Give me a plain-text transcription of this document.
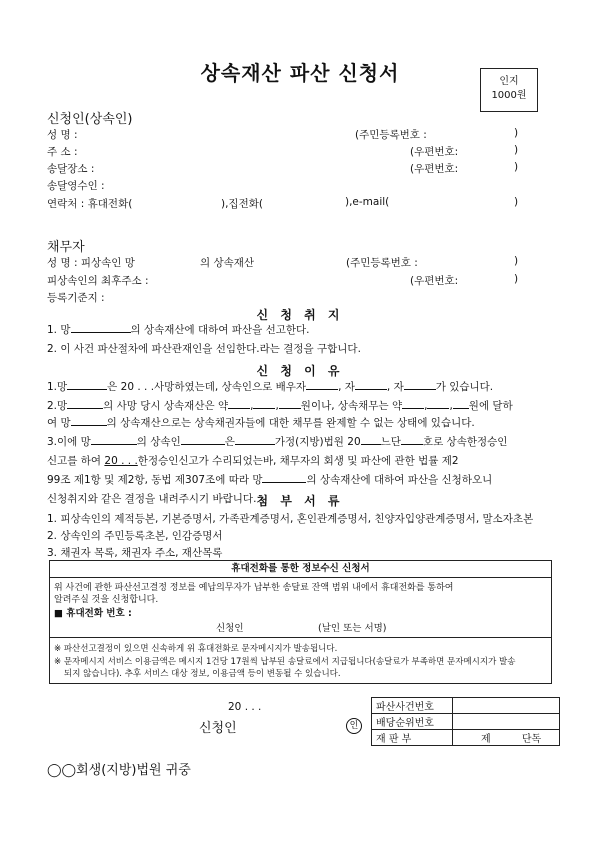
상속재산 파산 신청서	인지
1000원
신청인(상속인)
성 명 :	(주민등록번호 :	)
주 소 :	(우편번호:	)
송달장소 :	(우편번호:	)
송달영수인 :
연락처 : 휴대전화(	),집전화(	),e-mail(	)
채무자
성 명 : 피상속인 망	의 상속재산	(주민등록번호 :	)
피상속인의 최후주소 :	(우편번호:	)
등록기준지 :
신 청 취 지
1. 망	의 상속재산에 대하여 파산을 선고한다.
2. 이 사건 파산절차에 파산관재인을 선임한다.라는 결정을 구합니다.
신 청 이 유
1.망	은 20 . . .사망하였는데, 상속인으로 배우자	, 자	, 자	가 있습니다.
2.망	의 사망 당시 상속재산은 약 , , 원이나, 상속채무는 약 , , 원에 달하
여 망	의 상속재산으로는 상속채권자들에 대한 채무를 완제할 수 없는 상태에 있습니다.
3.이에 망	의 상속인	은	가정(지방)법원 20 느단 호로 상속한정승인
신고를 하여 20 . . .한정승인신고가 수리되었는바, 채무자의 회생 및 파산에 관한 법률 제2
99조 제1항 및 제2항, 동법 제307조에 따라 망	의 상속재산에 대하여 파산을 신청하오니
신청취지와 같은 결정을 내려주시기 바랍니다. 첨 부 서 류
1. 피상속인의 제적등본, 기본증명서, 가족관계증명서, 혼인관계증명서, 친양자입양관계증명서, 말소자초본
2. 상속인의 주민등록초본, 인감증명서
3. 채권자 목록, 채권자 주소, 재산목록
휴대전화를 통한 정보수신 신청서
위 사건에 관한 파산선고결정 정보를 예납의무자가 납부한 송달료 잔액 범위 내에서 휴대전화를 통하여
알려주실 것을 신청합니다.
■ 휴대전화 번호 :
신청인	(날인 또는 서명)
※ 파산선고결정이 있으면 신속하게 위 휴대전화로 문자메시지가 발송됩니다.
※ 문자메시지 서비스 이용금액은 메시지 1건당 17원씩 납부된 송달료에서 지급됩니다(송달료가 부족하면 문자메시지가 발송
되지 않습니다). 추후 서비스 대상 정보, 이용금액 등이 변동될 수 있습니다.
20 . . .
신청인	인
파산사건번호	
배당순위번호	
재 판 부	제 단독
◯◯회생(지방)법원 귀중
